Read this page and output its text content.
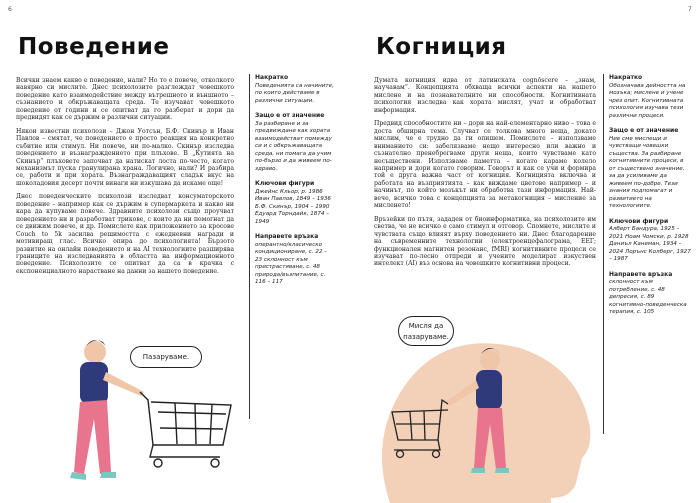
6
Поведение

Всички знаем какво е поведение, нали? Но то е повече, отколкото навярно си мислите. Днес психолозите разглеждат човешкото поведение като взаимодействие между вътрешното и външното – съзнанието и обкръжаващата среда. Те изучават човешкото поведение от години и се опитват да го разберат и дори да предвидят как се държим в различни ситуации.

Някои известни психолози – Джон Уотсън, Б.Ф. Скинър и Иван Павлов – смятат, че поведението е просто реакция на конкретно събитие или стимул. Ни повече, ни по-малко. Скинър изследва поведението и възнаграждението при плъхове. В „Кутията на Скинър“ плъховете започват да натискат лоста по-често, когато механизмът пуска гранулирана храна. Логично, нали? И разбира се, работи и при хората. Възнаграждаващият сладък вкус на шоколадовия десерт почти винаги ни изкушава да искаме още!

Днес поведенческите психолози изследват консуматорското поведение – например как се държим в супермаркета и какво ни кара да купуваме повече. Здравните психолози също проучват поведението ни и разработват трикове, с които да ни помогнат да се движим повече, и др. Помислете как приложението за кросове Couch to 5k засилва решимостта с ежедневни награди и мотивиращ глас. Всичко опира до психологията! Бързото развитие на онлайн поведението и на AI технологиите разширява границите на изследванията в областта на информационното поведение. Психолозите се опитват да са в крачка с експоненциалното нарастване на данни за нашето поведение.

Накратко

Поведенията са начините, по които действаме в различни ситуации.

Защо е от значение

За разбиране и за предвиждане как хората взаимодействат помежду си и с обкръжаващата среда, ни помага да учим по-бързо и да живеем по-здраво.

Ключови фигури

Джейнс Кльор, р. 1986 Иван Павлов, 1849 – 1936 Б.Ф. Скинър, 1904 – 1990 Едуард Торндайк, 1874 – 1949

Направете връзка

оперантно/класическо кондициониране, с. 22 – 23 склонност към пристрастяване, с. 48 природа/възпитание, с. 116 – 117

Пазаруваме.
7
Когниция

Думата когниция идва от латинската cognōscere – „знам, научавам“. Концепцията обхваща всички аспекти на нашето мислене и на познавателните ни способности. Когнитивната психология изследва как хората мислят, учат и обработват информация.

Предвид способностите ни – дори на най-елементарно ниво – това е доста обширна тема. Случват се толкова много неща, докато мислим, че е трудно да ги опишем. Помислете – използваме вниманието си: забелязваме нещо интересно или важно и съзнателно пренебрегваме други неща, които чувстваме като несъществени. Използваме паметта – когато караме колело например и дори когато говорим. Говорът и как се учи и формира той е друга важна част от когниция. Когницията включва и работата на възприятията – как виждаме цветове например – и начинът, по който мозъкът ни обработва тази информация. Най-вече, всичко това с концепцията за метакогниция – мисление за мисленето!

Връзейки по пътя, зададен от биоинформатика, на психолозите им светва, че не всичко е само стимул и отговор. Спомнете, мислите и чувствата също влияят върху поведението ни. Днес благодарение на съвременните технологии (електроенцефалограма, ЕЕГ; функционален магнитен резонанс, fMRI) когнитивните процеси се изучават по-лесно отпреди и учените моделират изкуствен интелект (AI) въз основа на човешките когнитивни процеси.

Накратко

Обозначава дейността на мозъка; мислене и учене чрез опит. Когнитивната психология изучава тези различни процеси.

Защо е от значение

Ние сме мислещи и чувстващи човешки същества. За разбиране когнитивните процеси, в от съществено значение, за да усиливаме да живеем по-добре. Тези знания подпомагат и развитието на технологиите.

Ключови фигури

Алберт Бандура, 1925 – 2021 Ноам Чомски, р. 1928 Даниъл Канеман, 1934 – 2024 Лорънс Колберг, 1927 – 1987

Направете връзка

склонност към потребление, с. 48 депресия, с. 89 когнитивно-поведенческа терапия, с. 105

Мисля да пазаруваме.
